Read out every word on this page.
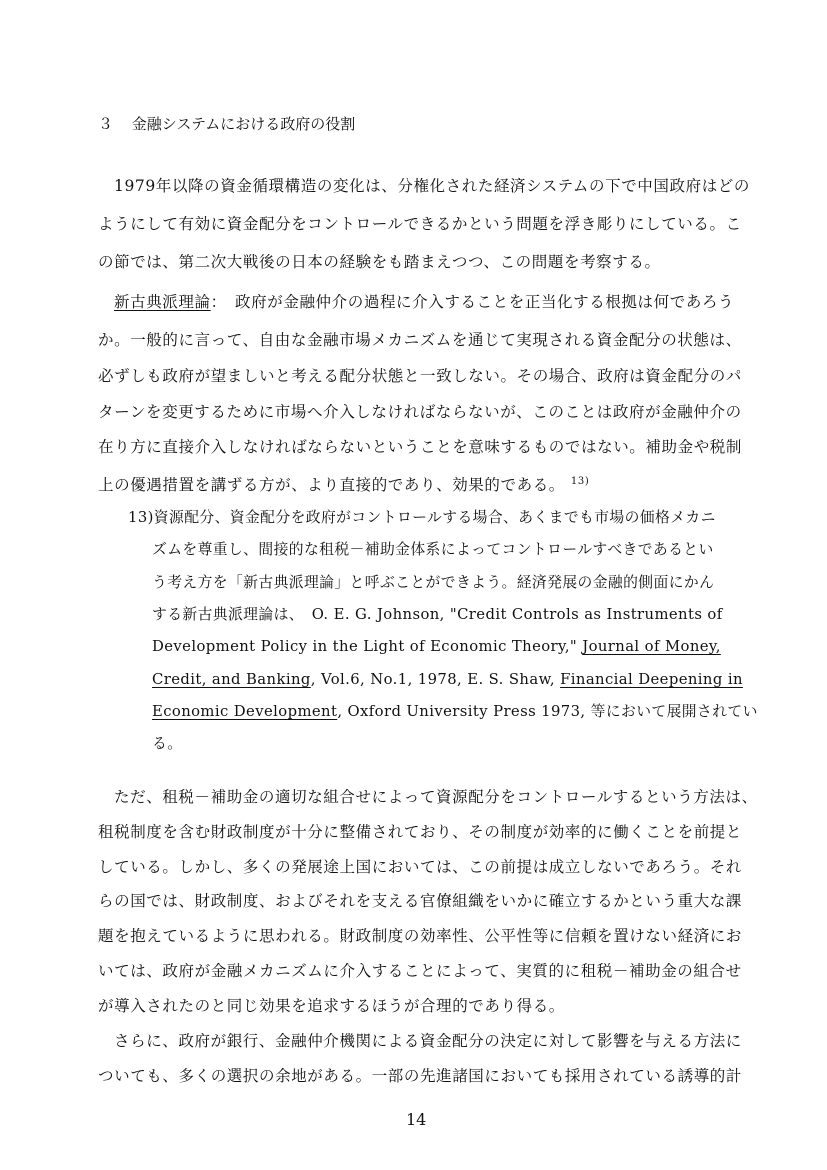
３ 金融システムにおける政府の役割
1979年以降の資金循環構造の変化は、分権化された経済システムの下で中国政府はどの
ようにして有効に資金配分をコントロールできるかという問題を浮き彫りにしている。こ
の節では、第二次大戦後の日本の経験をも踏まえつつ、この問題を考察する。
新古典派理論：　政府が金融仲介の過程に介入することを正当化する根拠は何であろう
か。一般的に言って、自由な金融市場メカニズムを通じて実現される資金配分の状態は、
必ずしも政府が望ましいと考える配分状態と一致しない。その場合、政府は資金配分のパ
ターンを変更するために市場へ介入しなければならないが、このことは政府が金融仲介の
在り方に直接介入しなければならないということを意味するものではない。補助金や税制
上の優遇措置を講ずる方が、より直接的であり、効果的である。 $^{13)}$
13)資源配分、資金配分を政府がコントロールする場合、あくまでも市場の価格メカニ
ズムを尊重し、間接的な租税－補助金体系によってコントロールすべきであるとい
う考え方を「新古典派理論」と呼ぶことができよう。経済発展の金融的側面にかん
する新古典派理論は、　O. E. G. Johnson, "Credit Controls as Instruments of
Development Policy in the Light of Economic Theory," Journal of Money,
Credit, and Banking, Vol.6, No.1, 1978, E. S. Shaw, Financial Deepening in
Economic Development, Oxford University Press 1973, 等において展開されてい
る。
ただ、租税－補助金の適切な組合せによって資源配分をコントロールするという方法は、
租税制度を含む財政制度が十分に整備されており、その制度が効率的に働くことを前提と
している。しかし、多くの発展途上国においては、この前提は成立しないであろう。それ
らの国では、財政制度、およびそれを支える官僚組織をいかに確立するかという重大な課
題を抱えているように思われる。財政制度の効率性、公平性等に信頼を置けない経済にお
いては、政府が金融メカニズムに介入することによって、実質的に租税－補助金の組合せ
が導入されたのと同じ効果を追求するほうが合理的であり得る。
さらに、政府が銀行、金融仲介機関による資金配分の決定に対して影響を与える方法に
ついても、多くの選択の余地がある。一部の先進諸国においても採用されている誘導的計
14
